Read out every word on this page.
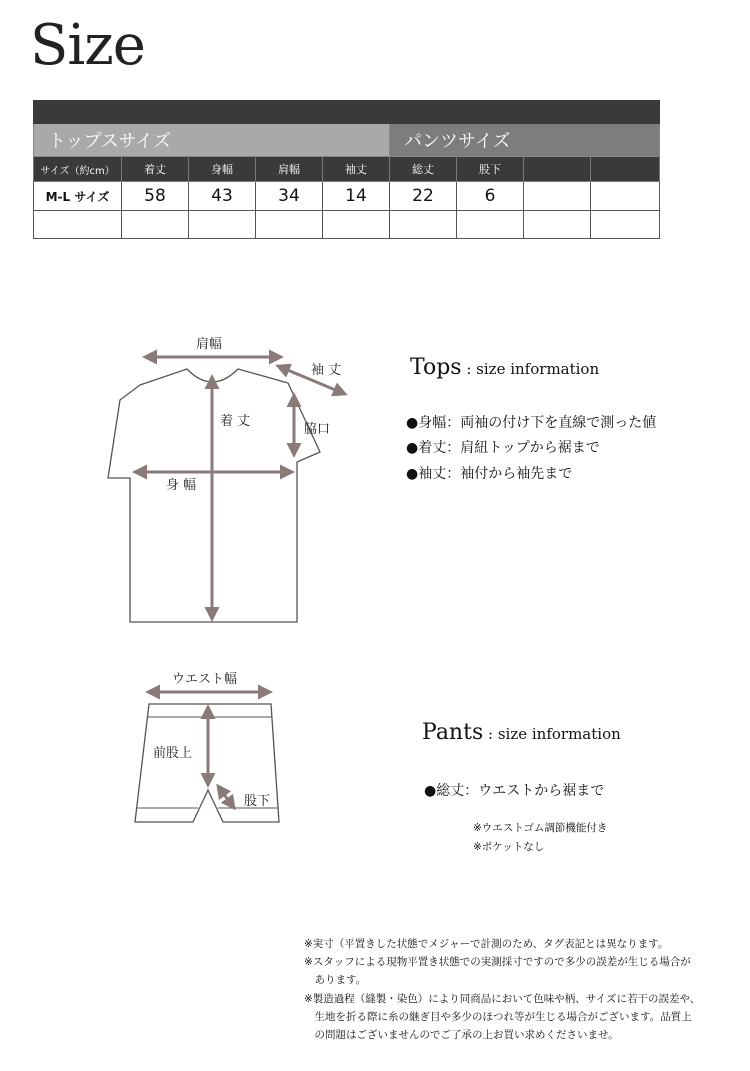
Size

トップスサイズ					パンツサイズ			
サイズ（約cm）	着丈	身幅	肩幅	袖丈	総丈	股下		
M-L サイズ	58	43	34	14	22	6		

肩幅
袖 丈
着 丈
脇口
身 幅
ウエスト幅
前股上
股下
Tops : size information
●身幅：両袖の付け下を直線で測った値
●着丈：肩紐トップから裾まで
●袖丈：袖付から袖先まで
Pants : size information
●総丈：ウエストから裾まで
※ウエストゴム調節機能付き
※ポケットなし
※実寸（平置きした状態でメジャーで計測のため、タグ表記とは異なります。
※スタッフによる現物平置き状態での実測採寸ですので多少の誤差が生じる場合が
　あります。
※製造過程（縫製・染色）により同商品において色味や柄、サイズに若干の誤差や、
　生地を折る際に糸の継ぎ目や多少のほつれ等が生じる場合がございます。品質上
　の問題はございませんのでご了承の上お買い求めくださいませ。
